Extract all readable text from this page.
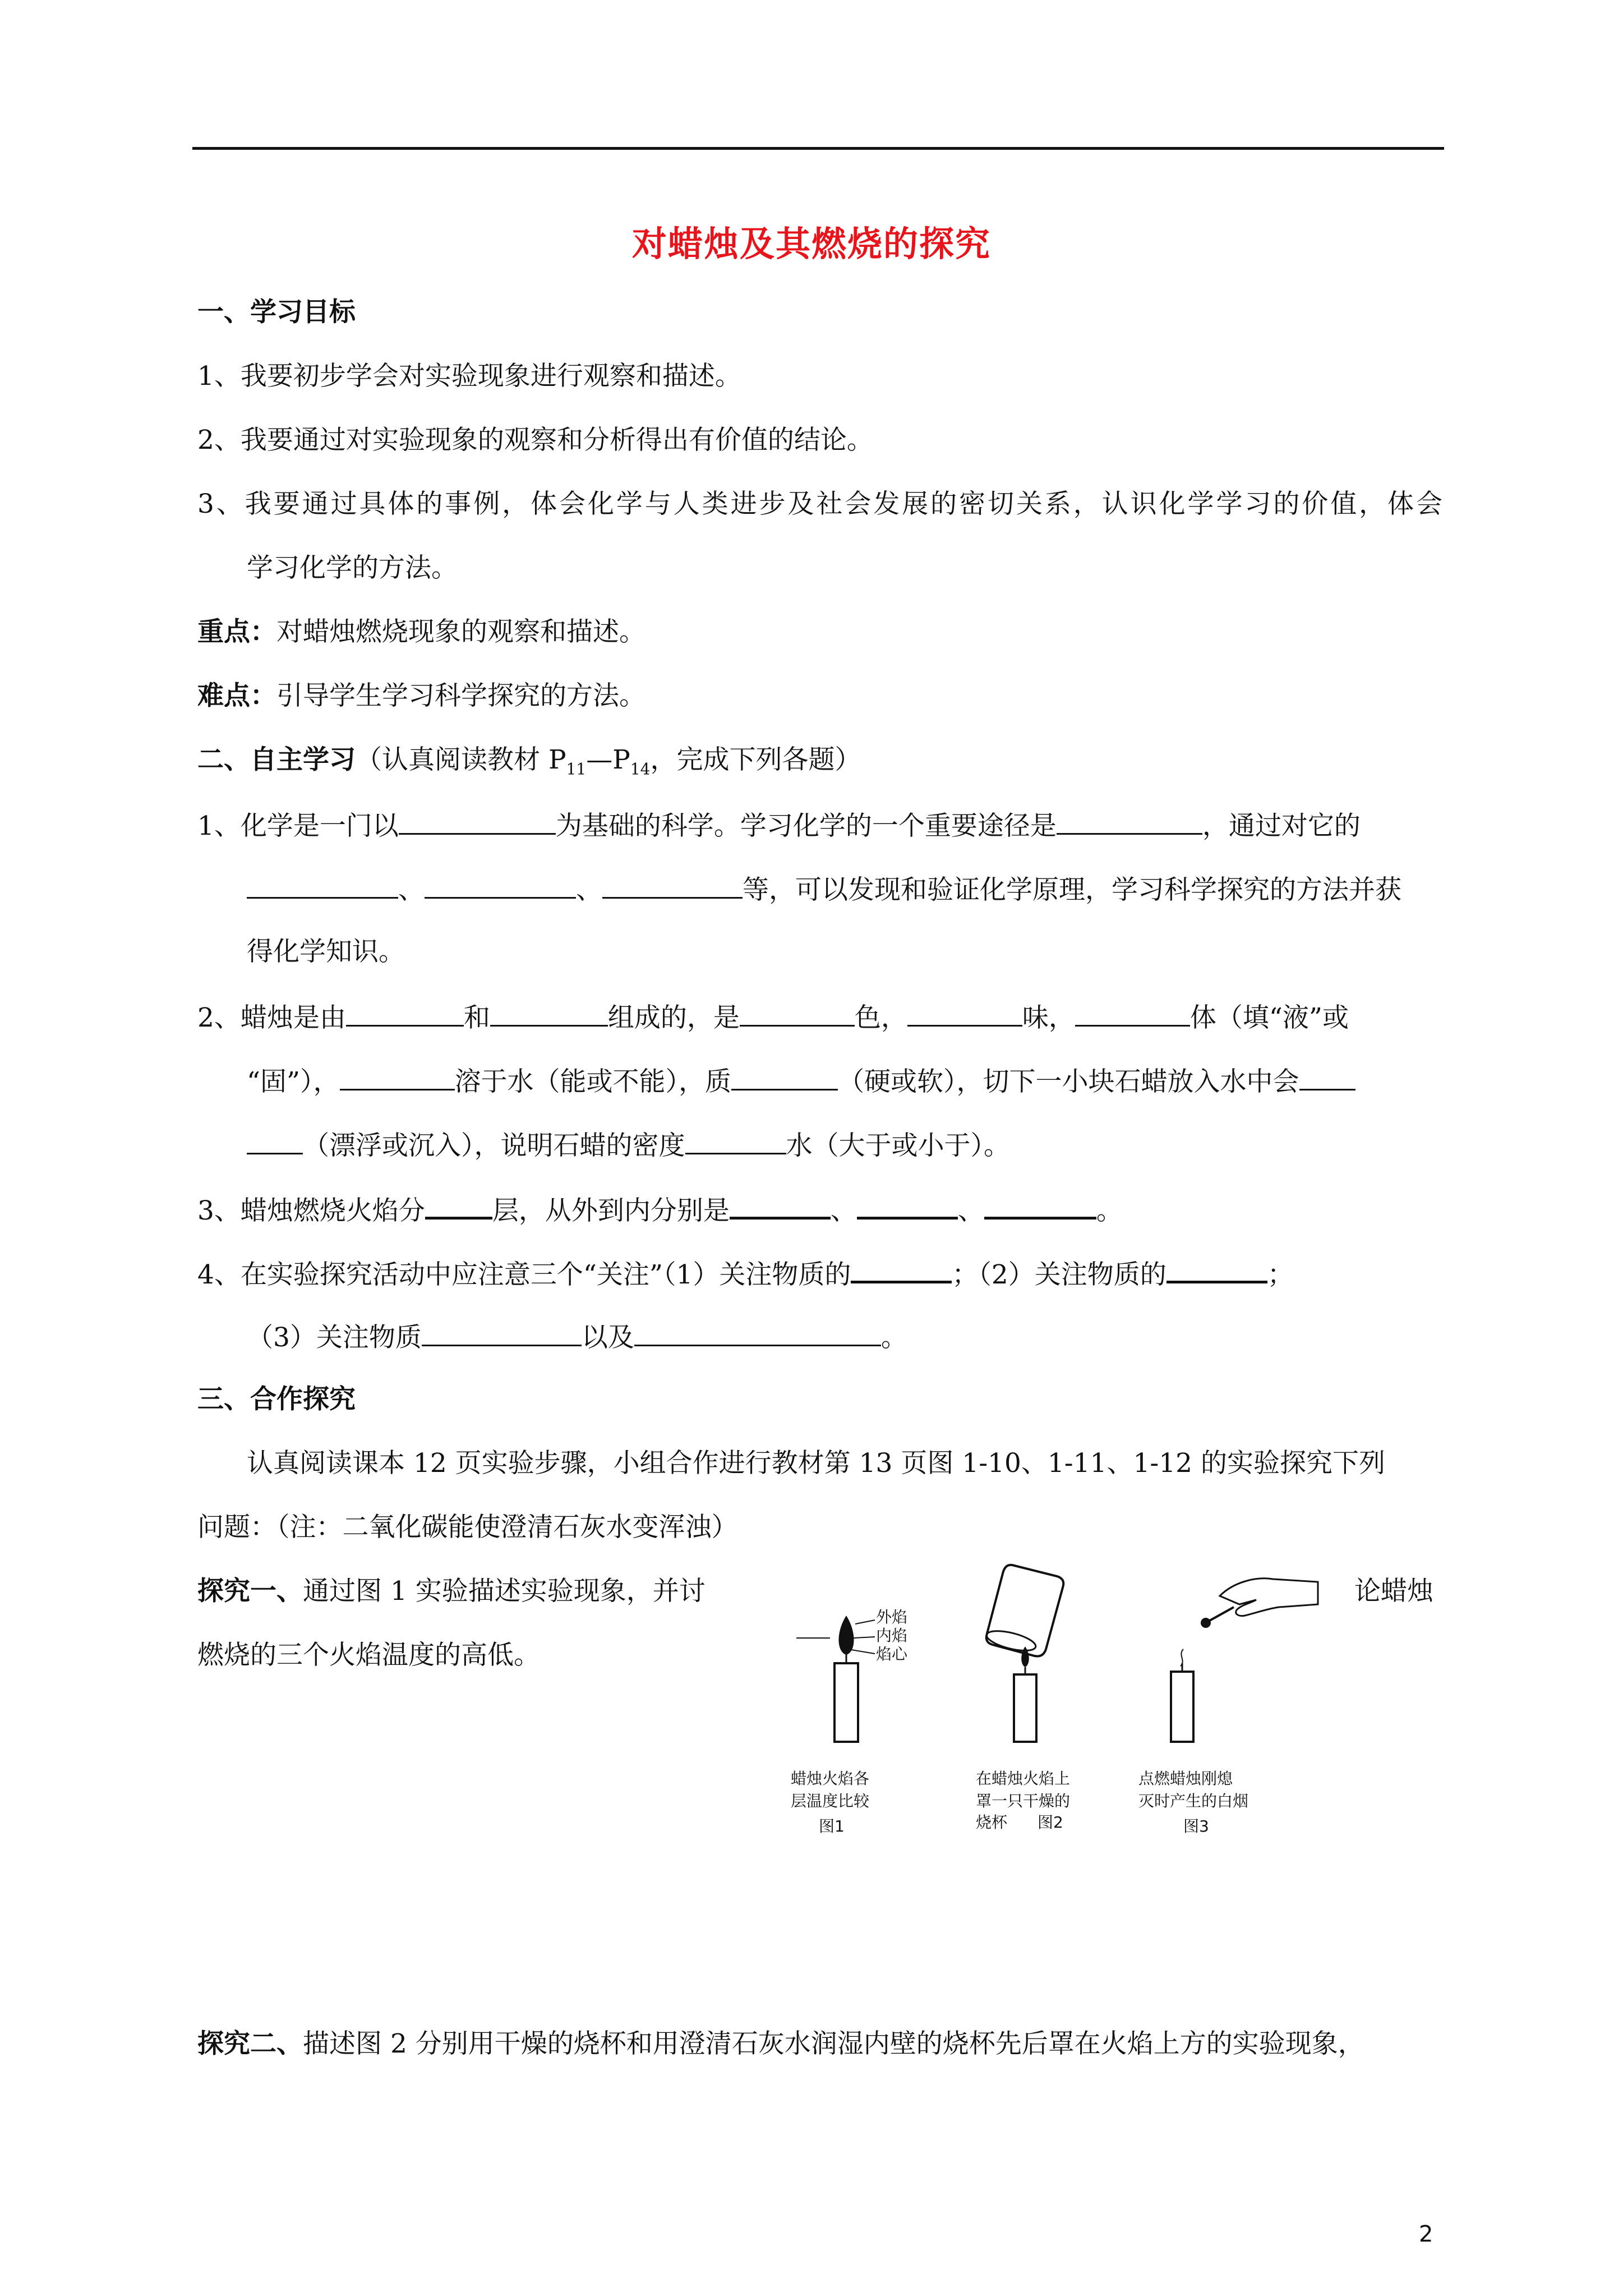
对蜡烛及其燃烧的探究
一、学习目标
1、我要初步学会对实验现象进行观察和描述。
2、我要通过对实验现象的观察和分析得出有价值的结论。
3、我要通过具体的事例，体会化学与人类进步及社会发展的密切关系，认识化学学习的价值，体会
学习化学的方法。
重点：对蜡烛燃烧现象的观察和描述。
难点：引导学生学习科学探究的方法。
二、自主学习（认真阅读教材 $P_{11}—P_{14}$，完成下列各题）
1、化学是一门以	为基础的科学。学习化学的一个重要途径是	，通过对它的
、	、	等，可以发现和验证化学原理，学习科学探究的方法并获
得化学知识。
2、蜡烛是由	和	组成的，是	色，	味，	体（填“液”或
“固”），	溶于水（能或不能），质	（硬或软），切下一小块石蜡放入水中会
（漂浮或沉入），说明石蜡的密度	水（大于或小于）。
3、蜡烛燃烧火焰分	层，从外到内分别是	、	、	。
4、在实验探究活动中应注意三个“关注”（1）关注物质的	；（2）关注物质的	；
（3）关注物质	以及	。
三、合作探究
认真阅读课本 12 页实验步骤，小组合作进行教材第 13 页图 1-10、1-11、1-12 的实验探究下列
问题：（注：二氧化碳能使澄清石灰水变浑浊）
探究一、通过图 1 实验描述实验现象，并讨	论蜡烛
燃烧的三个火焰温度的高低。
外焰
内焰
焰心
蜡烛火焰各
层温度比较
图1
在蜡烛火焰上
罩一只干燥的
烧杯 图2
点燃蜡烛刚熄
灭时产生的白烟
图3
探究二、描述图 2 分别用干燥的烧杯和用澄清石灰水润湿内壁的烧杯先后罩在火焰上方的实验现象，
2
